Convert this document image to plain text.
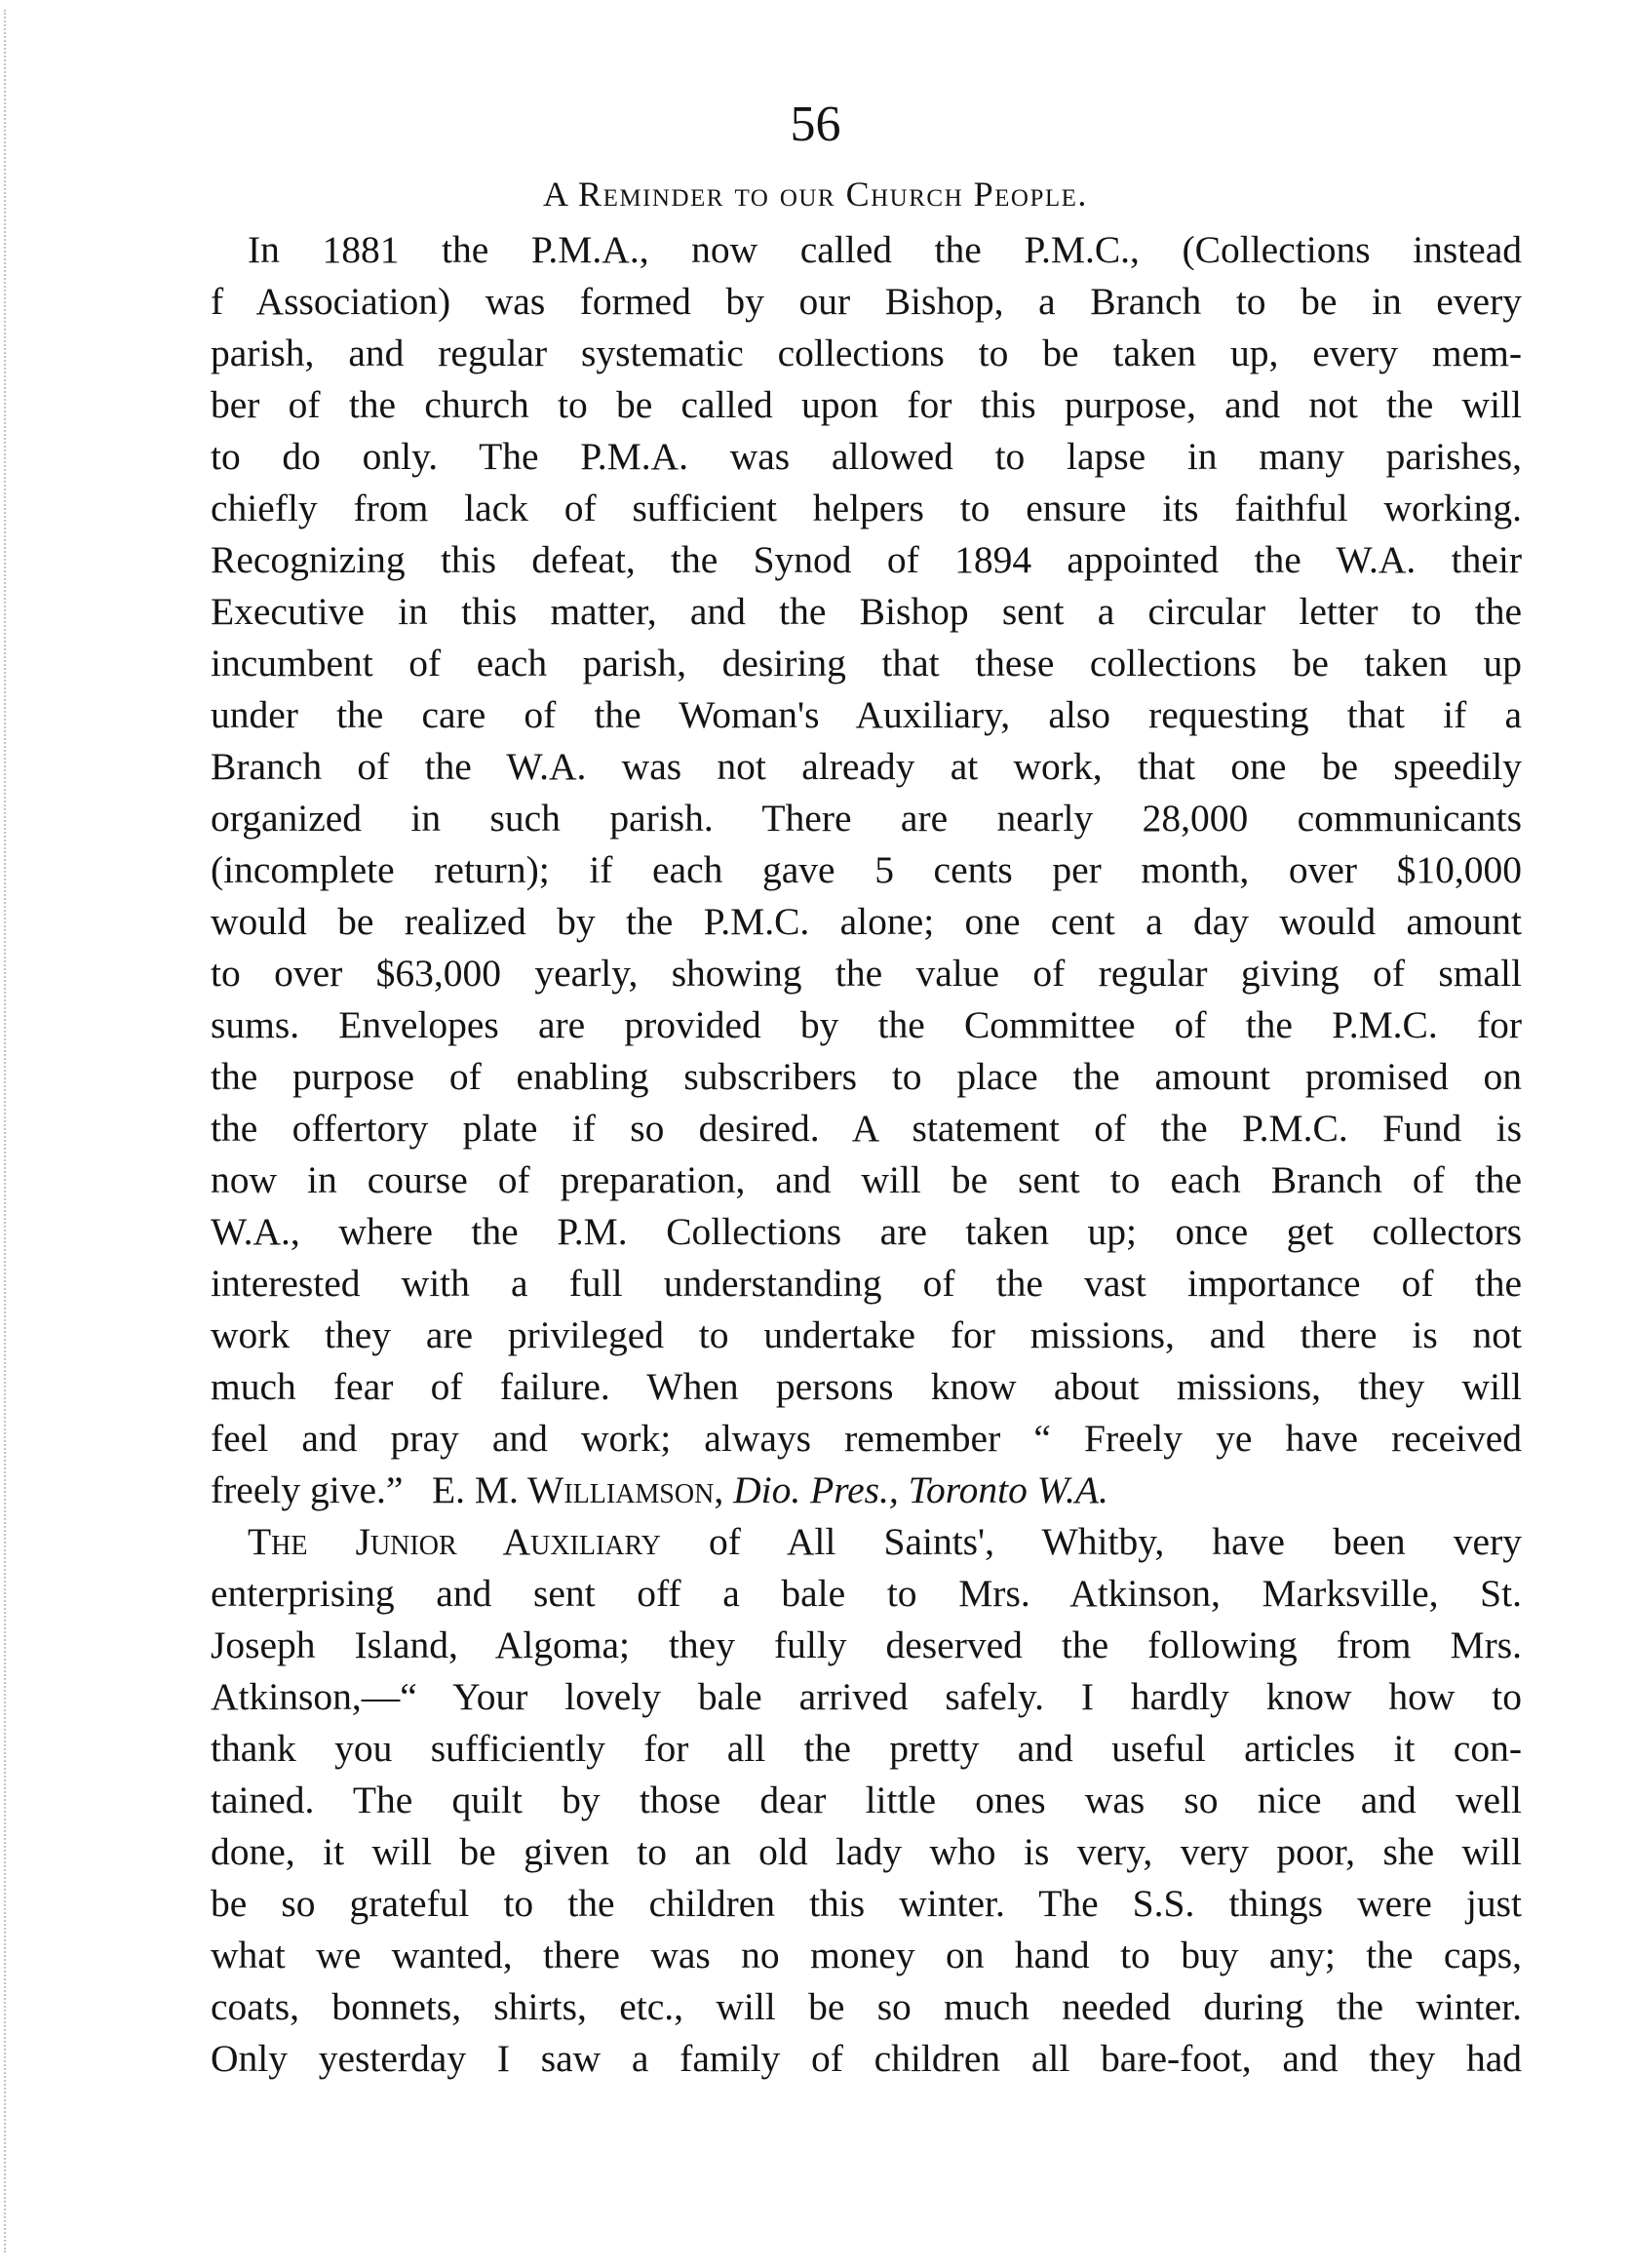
56
A Reminder to our Church People.
In 1881 the P.M.A., now called the P.M.C., (Collections instead
f Association) was formed by our Bishop, a Branch to be in every
parish, and regular systematic collections to be taken up, every mem-
ber of the church to be called upon for this purpose, and not the will
to do only. The P.M.A. was allowed to lapse in many parishes,
chiefly from lack of sufficient helpers to ensure its faithful working.
Recognizing this defeat, the Synod of 1894 appointed the W.A. their
Executive in this matter, and the Bishop sent a circular letter to the
incumbent of each parish, desiring that these collections be taken up
under the care of the Woman's Auxiliary, also requesting that if a
Branch of the W.A. was not already at work, that one be speedily
organized in such parish. There are nearly 28,000 communicants
(incomplete return); if each gave 5 cents per month, over $10,000
would be realized by the P.M.C. alone; one cent a day would amount
to over $63,000 yearly, showing the value of regular giving of small
sums. Envelopes are provided by the Committee of the P.M.C. for
the purpose of enabling subscribers to place the amount promised on
the offertory plate if so desired. A statement of the P.M.C. Fund is
now in course of preparation, and will be sent to each Branch of the
W.A., where the P.M. Collections are taken up; once get collectors
interested with a full understanding of the vast importance of the
work they are privileged to undertake for missions, and there is not
much fear of failure. When persons know about missions, they will
feel and pray and work; always remember “ Freely ye have received
freely give.” E. M. Williamson, Dio. Pres., Toronto W.A.
The Junior Auxiliary of All Saints', Whitby, have been very
enterprising and sent off a bale to Mrs. Atkinson, Marksville, St.
Joseph Island, Algoma; they fully deserved the following from Mrs.
Atkinson,—“ Your lovely bale arrived safely. I hardly know how to
thank you sufficiently for all the pretty and useful articles it con-
tained. The quilt by those dear little ones was so nice and well
done, it will be given to an old lady who is very, very poor, she will
be so grateful to the children this winter. The S.S. things were just
what we wanted, there was no money on hand to buy any; the caps,
coats, bonnets, shirts, etc., will be so much needed during the winter.
Only yesterday I saw a family of children all bare-foot, and they had
